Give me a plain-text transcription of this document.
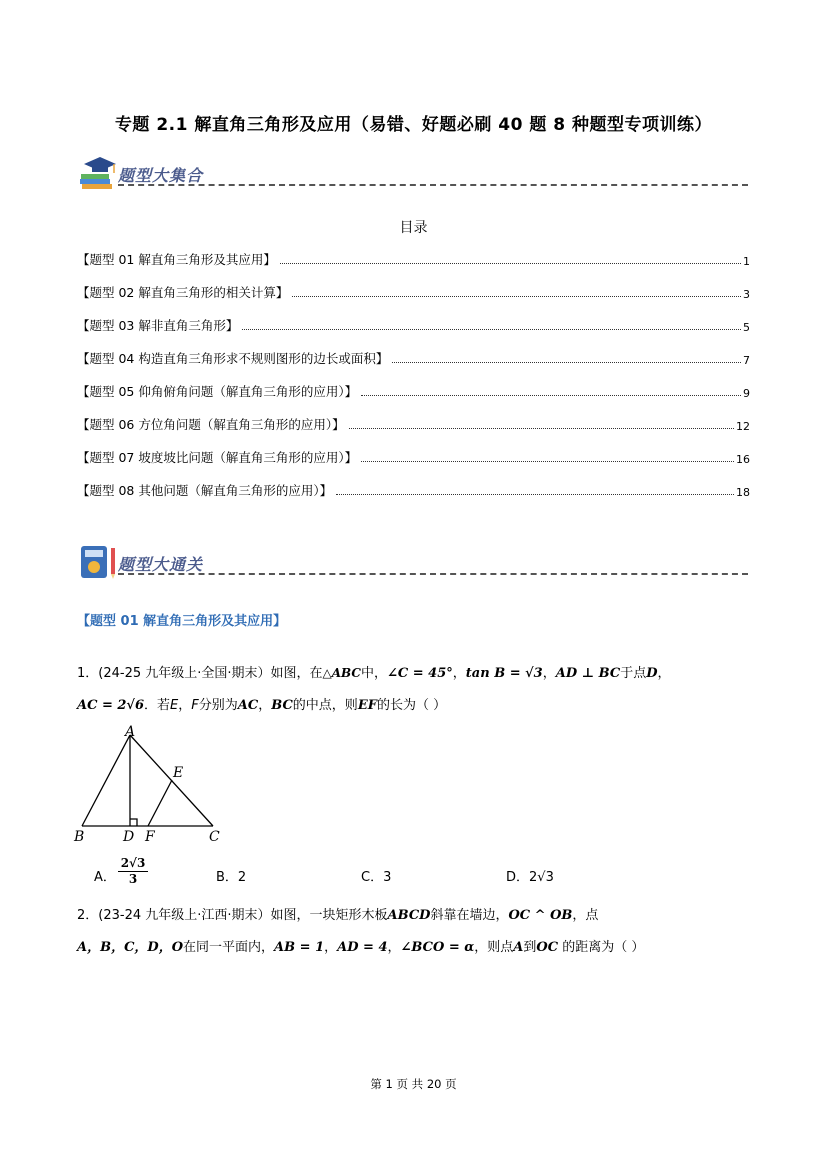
专题 2.1 解直角三角形及应用（易错、好题必刷 40 题 8 种题型专项训练）
题型大集合
目录
【题型 01 解直角三角形及其应用】	1
【题型 02 解直角三角形的相关计算】	3
【题型 03 解非直角三角形】	5
【题型 04 构造直角三角形求不规则图形的边长或面积】	7
【题型 05 仰角俯角问题（解直角三角形的应用）】	9
【题型 06 方位角问题（解直角三角形的应用）】	12
【题型 07 坡度坡比问题（解直角三角形的应用）】	16
【题型 08 其他问题（解直角三角形的应用）】	18
题型大通关
【题型 01 解直角三角形及其应用】
1．(24-25 九年级上·全国·期末）如图，在△ABC中，∠C = 45°，tan B = √3，AD ⊥ BC于点D，
AC = 2√6．若E，F分别为AC，BC的中点，则EF的长为（ ）
A
B	C
D
E
F
A． $\frac{2√3}{3}$	B．2	C．3	D．2√3
2．(23-24 九年级上·江西·期末）如图，一块矩形木板ABCD斜靠在墙边，OC ^ OB，点
A，B，C，D，O在同一平面内，AB = 1，AD = 4，∠BCO = α，则点A到OC 的距离为（ ）
第 1 页 共 20 页
